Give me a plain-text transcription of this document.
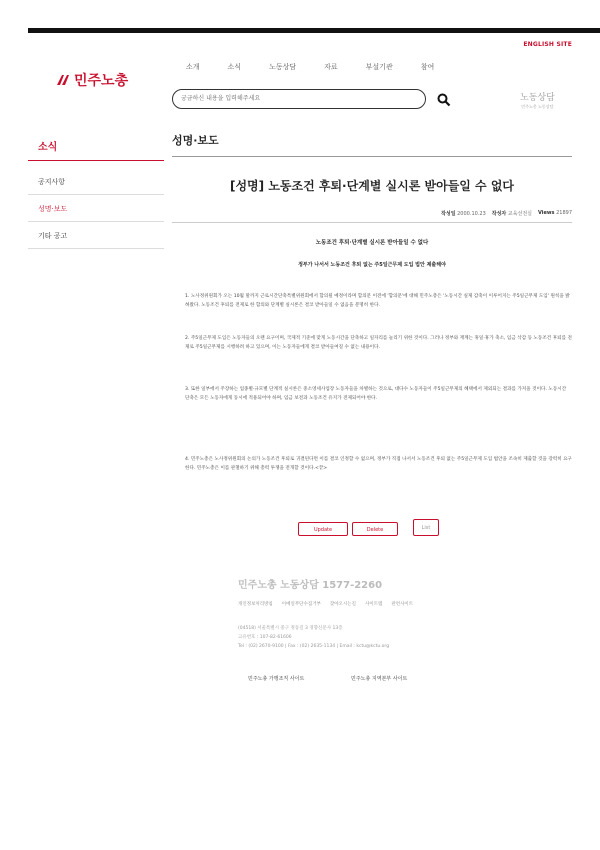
ENGLISH SITE
민주노총
소개	소식	노동상담	자료	부설기관	참여
궁금하신 내용을 입력해주세요	노동상담
민주노총 노동상담
소식
공지사항
성명·보도
기타 공고
성명·보도
[성명] 노동조건 후퇴·단계별 실시론 받아들일 수 없다
작성일 2000.10.23 작성자 교육선전실 Views 21897
노동조건 후퇴·단계별 실시론 받아들일 수 없다
정부가 나서서 노동조건 후퇴 없는 주5일근무제 도입 법안 제출해야

1. 노사정위원회가 오는 10월 말까지 근로시간단축특별위원회에서 합의될 예정이라며 합의문 이전에 '합의문'에 대해 민주노총은 '노동시간 실제 감축이 이루어지는 주5일근무제 도입' 원칙을 밝혀왔다. 노동조건 후퇴를 전제로 한 합의와 단계별 실시론은 결코 받아들일 수 없음을 분명히 한다.

2. 주5일근무제 도입은 노동자들의 오랜 요구이며, 국제적 기준에 맞게 노동시간을 단축하고 일자리를 늘리기 위한 것이다. 그러나 정부와 재계는 휴일·휴가 축소, 임금 삭감 등 노동조건 후퇴를 전제로 주5일근무제를 시행하려 하고 있으며, 이는 노동자들에게 결코 받아들여질 수 없는 내용이다.

3. 또한 일부에서 주장하는 업종별·규모별 단계적 실시론은 중소영세사업장 노동자들을 차별하는 것으로, 대다수 노동자들이 주5일근무제의 혜택에서 제외되는 결과를 가져올 것이다. 노동시간 단축은 모든 노동자에게 동시에 적용되어야 하며, 임금 보전과 노동조건 유지가 전제되어야 한다.

4. 민주노총은 노사정위원회의 논의가 노동조건 후퇴로 귀결된다면 이를 결코 인정할 수 없으며, 정부가 직접 나서서 노동조건 후퇴 없는 주5일근무제 도입 법안을 조속히 제출할 것을 강력히 요구한다. 민주노총은 이를 관철하기 위해 총력 투쟁을 전개할 것이다.<끝>

Update	Delete	List
민주노총 노동상담 1577-2260
개인정보처리방침 이메일무단수집거부 찾아오시는길 사이트맵 관련사이트
(04518) 서울특별시 중구 정동길 3 경향신문사 13층
고유번호 : 107-82-61606
Tel : (02) 2670-9100 | Fax : (02) 2635-1134 | Email : kctu@kctu.org
민주노총 가맹조직 사이트	민주노총 지역본부 사이트
